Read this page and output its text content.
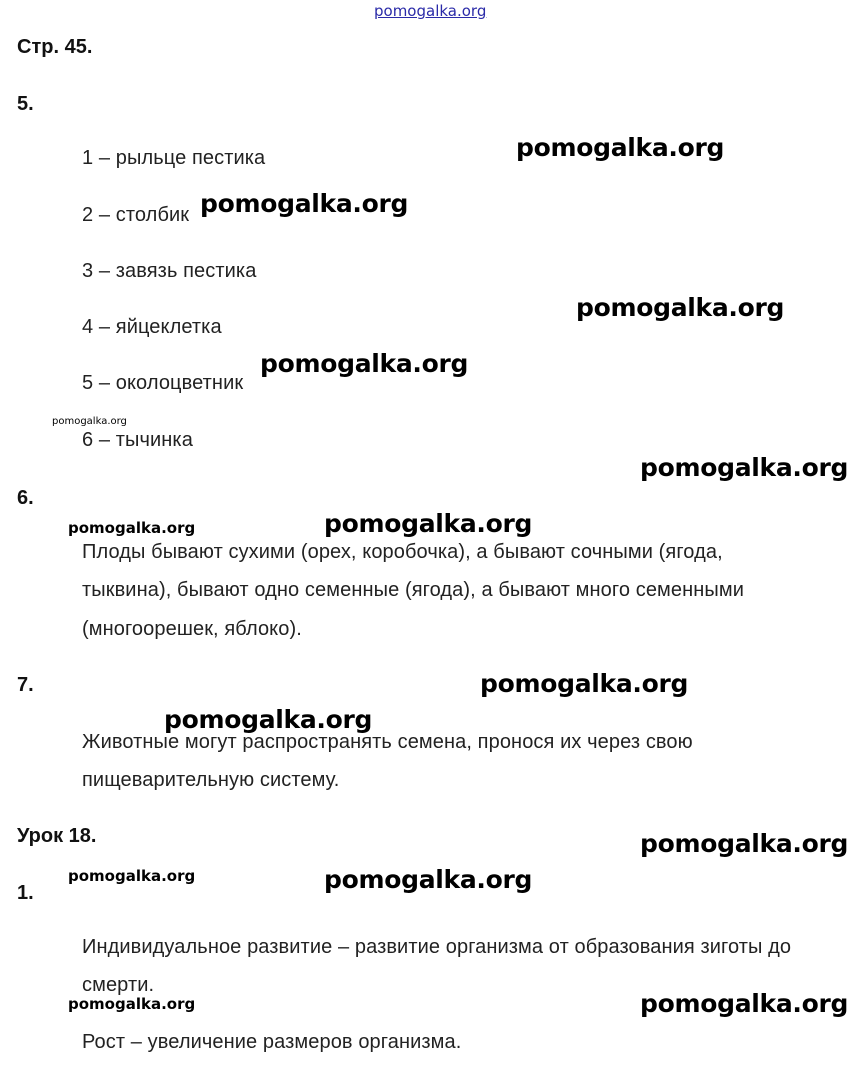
pomogalka.org
Стр. 45.
5.
1 – рыльце пестика
2 – столбик
3 – завязь пестика
4 – яйцеклетка
5 – околоцветник
6 – тычинка
6.
Плоды бывают сухими (орех, коробочка), а бывают сочными (ягода,
тыквина), бывают одно семенные (ягода), а бывают много семенными
(многоорешек, яблоко).
7.
Животные могут распространять семена, пронося их через свою
пищеварительную систему.
Урок 18.
1.
Индивидуальное развитие – развитие организма от образования зиготы до
смерти.
Рост – увеличение размеров организма.
pomogalka.org
pomogalka.org
pomogalka.org
pomogalka.org
pomogalka.org
pomogalka.org
pomogalka.org
pomogalka.org
pomogalka.org
pomogalka.org
pomogalka.org
pomogalka.org
pomogalka.org
pomogalka.org
pomogalka.org
